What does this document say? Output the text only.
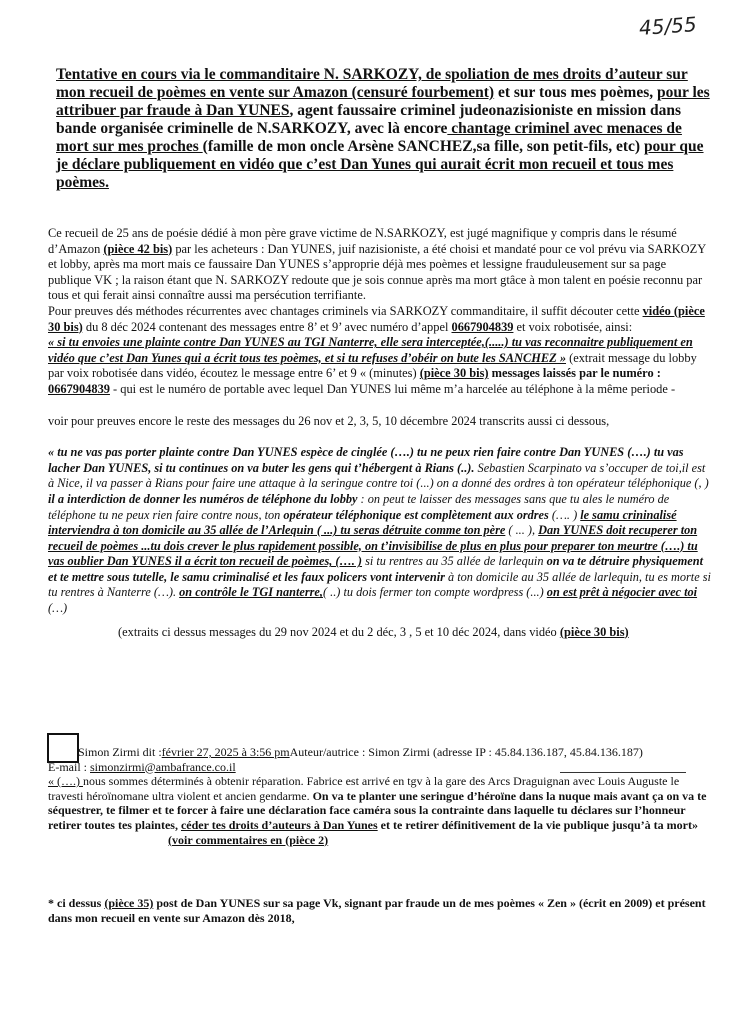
45/55
Tentative en cours via le commanditaire N. SARKOZY, de spoliation de mes droits d’auteur sur mon recueil de poèmes en vente sur Amazon (censuré fourbement) et sur tous mes poèmes, pour les attribuer par fraude à Dan YUNES, agent faussaire criminel judeonazisioniste en mission dans bande organisée criminelle de N.SARKOZY, avec là encore chantage criminel avec menaces de mort sur mes proches (famille de mon oncle Arsène SANCHEZ,sa fille, son petit-fils, etc) pour que je déclare publiquement en vidéo que c’est Dan Yunes qui aurait écrit mon recueil et tous mes poèmes.

Ce recueil de 25 ans de poésie dédié à mon père grave victime de N.SARKOZY, est jugé magnifique y compris dans le résumé d’Amazon (pièce 42 bis) par les acheteurs : Dan YUNES, juif nazisioniste, a été choisi et mandaté pour ce vol prévu via SARKOZY et lobby, après ma mort mais ce faussaire Dan YUNES s’approprie déjà mes poèmes et lessigne frauduleusement sur sa page publique VK ; la raison étant que N. SARKOZY redoute que je sois connue après ma mort gtâce à mon talent en poésie reconnu par tous et qui ferait ainsi connaître aussi ma persécution terrifiante.

Pour preuves dés méthodes récurrentes avec chantages criminels via SARKOZY commanditaire, il suffit découter cette vidéo (pièce 30 bis) du 8 déc 2024 contenant des messages entre 8’ et 9’ avec numéro d’appel 0667904839 et voix robotisée, ainsi:

« si tu envoies une plainte contre Dan YUNES au TGI Nanterre, elle sera interceptée,(.....) tu vas reconnaitre publiquement en vidéo que c’est Dan Yunes qui a écrit tous tes poèmes, et si tu refuses d’obéir on bute les SANCHEZ » (extrait message du lobby par voix robotisée dans vidéo, écoutez le message entre 6’ et 9 « (minutes) (pièce 30 bis) messages laissés par le numéro : 0667904839 - qui est le numéro de portable avec lequel Dan YUNES lui même m’a harcelée au téléphone à la même periode -

voir pour preuves encore le reste des messages du 26 nov et 2, 3, 5, 10 décembre 2024 transcrits aussi ci dessous,

« tu ne vas pas porter plainte contre Dan YUNES espèce de cinglée (….) tu ne peux rien faire contre Dan YUNES (….) tu vas lacher Dan YUNES, si tu continues on va buter les gens qui t’hébergent à Rians (..). Sebastien Scarpinato va s’occuper de toi,il est à Nice, il va passer à Rians pour faire une attaque à la seringue contre toi (...) on a donné des ordres à ton opérateur téléphonique (, ) il a interdiction de donner les numéros de téléphone du lobby : on peut te laisser des messages sans que tu ales le numéro de téléphone tu ne peux rien faire contre nous, ton opérateur téléphonique est complètement aux ordres (…. ) le samu crininalisé interviendra à ton domicile au 35 allée de l’Arlequin ( ...) tu seras détruite comme ton père ( ... ), Dan YUNES doit recuperer ton recueil de poèmes ...tu dois crever le plus rapidement possible, on t’invisibilise de plus en plus pour preparer ton meurtre (….) tu vas oublier Dan YUNES il a écrit ton recueil de poèmes, (…. ) si tu rentres au 35 allée de larlequin on va te détruire physiquement et te mettre sous tutelle, le samu criminalisé et les faux policers vont intervenir à ton domicile au 35 allée de larlequin, tu es morte si tu rentres à Nanterre (…). on contrôle le TGI nanterre,( ..) tu dois fermer ton compte wordpress (...) on est prêt à négocier avec toi (…)

(extraits ci dessus messages du 29 nov 2024 et du 2 déc, 3 , 5 et 10 déc 2024, dans vidéo (pièce 30 bis)

Simon Zirmi dit :février 27, 2025 à 3:56 pmAuteur/autrice : Simon Zirmi (adresse IP : 45.84.136.187, 45.84.136.187)

E-mail : simonzirmi@ambafrance.co.il

« (….) nous sommes déterminés à obtenir réparation. Fabrice est arrivé en tgv à la gare des Arcs Draguignan avec Louis Auguste le travesti héroïnomane ultra violent et ancien gendarme. On va te planter une seringue d’héroïne dans la nuque mais avant ça on va te séquestrer, te filmer et te forcer à faire une déclaration face caméra sous la contrainte dans laquelle tu déclares sur l’honneur retirer toutes tes plaintes, céder tes droits d’auteurs à Dan Yunes et te retirer définitivement de la vie publique jusqu’à ta mort» (voir commentaires en (pièce 2)

* ci dessus (pièce 35) post de Dan YUNES sur sa page Vk, signant par fraude un de mes poèmes « Zen » (écrit en 2009) et présent dans mon recueil en vente sur Amazon dès 2018,
